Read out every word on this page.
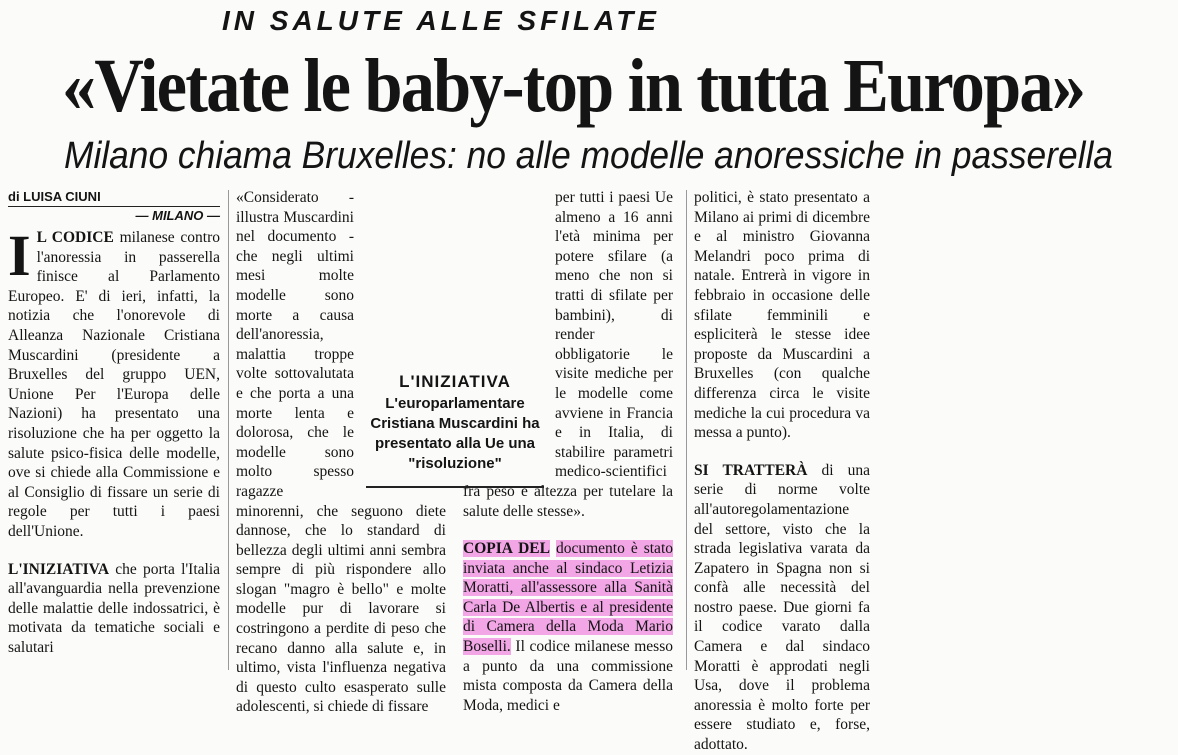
IN SALUTE ALLE SFILATE
«Vietate le baby-top in tutta Europa»
Milano chiama Bruxelles: no alle modelle anoressiche in passerella
di LUISA CIUNI
— MILANO —
I L CODICE milanese contro l'anoressia in passerella finisce al Parlamento Europeo. E' di ieri, infatti, la notizia che l'onorevole di Alleanza Nazionale Cristiana Muscardini (presidente a Bruxelles del gruppo UEN, Unione Per l'Europa delle Nazioni) ha presentato una risoluzione che ha per oggetto la salute psico-fisica delle modelle, ove si chiede alla Commissione e al Consiglio di fissare un serie di regole per tutti i paesi dell'Unione.

L'INIZIATIVA che porta l'Italia all'avanguardia nella prevenzione delle malattie delle indossatrici, è motivata da tematiche sociali e salutari

«Considerato - illustra Muscardini nel documento - che negli ultimi mesi molte modelle sono morte a causa dell'anoressia, malattia troppe volte sottovalutata e che porta a una morte lenta e dolorosa, che le modelle sono molto spesso ragazze minorenni, che seguono diete dannose, che lo standard di bellezza degli ultimi anni sembra sempre di più rispondere allo slogan "magro è bello" e molte modelle pur di lavorare si costringono a perdite di peso che recano danno alla salute e, in ultimo, vista l'influenza negativa di questo culto esasperato sulle adolescenti, si chiede di fissare

per tutti i paesi Ue almeno a 16 anni l'età minima per potere sfilare (a meno che non si tratti di sfilate per bambini), di render obbligatorie le visite mediche per le modelle come avviene in Francia e in Italia, di stabilire parametri medico-scientifici fra peso e altezza per tutelare la salute delle stesse».

COPIA DEL documento è stato inviata anche al sindaco Letizia Moratti, all'assessore alla Sanità Carla De Albertis e al presidente di Camera della Moda Mario Boselli. Il codice milanese messo a punto da una commissione mista composta da Camera della Moda, medici e

L'INIZIATIVA
L'europarlamentare Cristiana Muscardini ha presentato alla Ue una "risoluzione"

politici, è stato presentato a Milano ai primi di dicembre e al ministro Giovanna Melandri poco prima di natale. Entrerà in vigore in febbraio in occasione delle sfilate femminili e espliciterà le stesse idee proposte da Muscardini a Bruxelles (con qualche differenza circa le visite mediche la cui procedura va messa a punto).

SI TRATTERÀ di una serie di norme volte all'autoregolamentazione del settore, visto che la strada legislativa varata da Zapatero in Spagna non si confà alle necessità del nostro paese. Due giorni fa il codice varato dalla Camera e dal sindaco Moratti è approdati negli Usa, dove il problema anoressia è molto forte per essere studiato e, forse, adottato.
